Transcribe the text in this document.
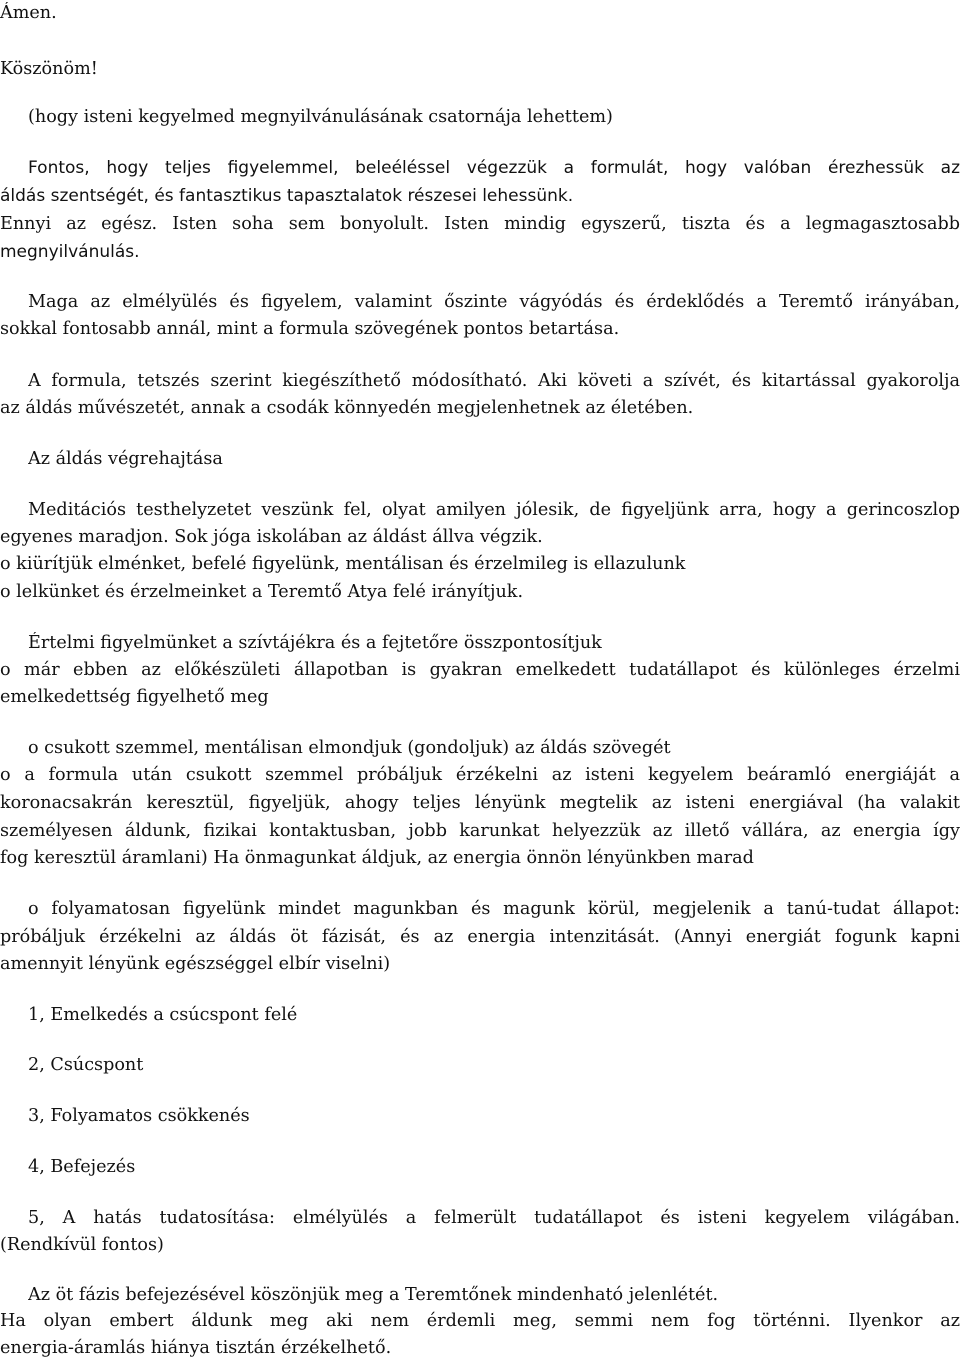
Ámen.
Köszönöm!
(hogy isteni kegyelmed megnyilvánulásának csatornája lehettem)
Fontos, hogy teljes figyelemmel, beleéléssel végezzük a formulát, hogy valóban érezhessük az
áldás szentségét, és fantasztikus tapasztalatok részesei lehessünk.
Ennyi az egész. Isten soha sem bonyolult. Isten mindig egyszerű, tiszta és a legmagasztosabb
megnyilvánulás.
Maga az elmélyülés és figyelem, valamint őszinte vágyódás és érdeklődés a Teremtő irányában,
sokkal fontosabb annál, mint a formula szövegének pontos betartása.
A formula, tetszés szerint kiegészíthető módosítható. Aki követi a szívét, és kitartással gyakorolja
az áldás művészetét, annak a csodák könnyedén megjelenhetnek az életében.
Az áldás végrehajtása
Meditációs testhelyzetet veszünk fel, olyat amilyen jólesik, de figyeljünk arra, hogy a gerincoszlop
egyenes maradjon. Sok jóga iskolában az áldást állva végzik.
o kiürítjük elménket, befelé figyelünk, mentálisan és érzelmileg is ellazulunk
o lelkünket és érzelmeinket a Teremtő Atya felé irányítjuk.
Értelmi figyelmünket a szívtájékra és a fejtetőre összpontosítjuk
o már ebben az előkészületi állapotban is gyakran emelkedett tudatállapot és különleges érzelmi
emelkedettség figyelhető meg
o csukott szemmel, mentálisan elmondjuk (gondoljuk) az áldás szövegét
o a formula után csukott szemmel próbáljuk érzékelni az isteni kegyelem beáramló energiáját a
koronacsakrán keresztül, figyeljük, ahogy teljes lényünk megtelik az isteni energiával (ha valakit
személyesen áldunk, fizikai kontaktusban, jobb karunkat helyezzük az illető vállára, az energia így
fog keresztül áramlani) Ha önmagunkat áldjuk, az energia önnön lényünkben marad
o folyamatosan figyelünk mindet magunkban és magunk körül, megjelenik a tanú-tudat állapot:
próbáljuk érzékelni az áldás öt fázisát, és az energia intenzitását. (Annyi energiát fogunk kapni
amennyit lényünk egészséggel elbír viselni)
1, Emelkedés a csúcspont felé
2, Csúcspont
3, Folyamatos csökkenés
4, Befejezés
5, A hatás tudatosítása: elmélyülés a felmerült tudatállapot és isteni kegyelem világában.
(Rendkívül fontos)
Az öt fázis befejezésével köszönjük meg a Teremtőnek mindenható jelenlétét.
Ha olyan embert áldunk meg aki nem érdemli meg, semmi nem fog történni. Ilyenkor az
energia-áramlás hiánya tisztán érzékelhető.
